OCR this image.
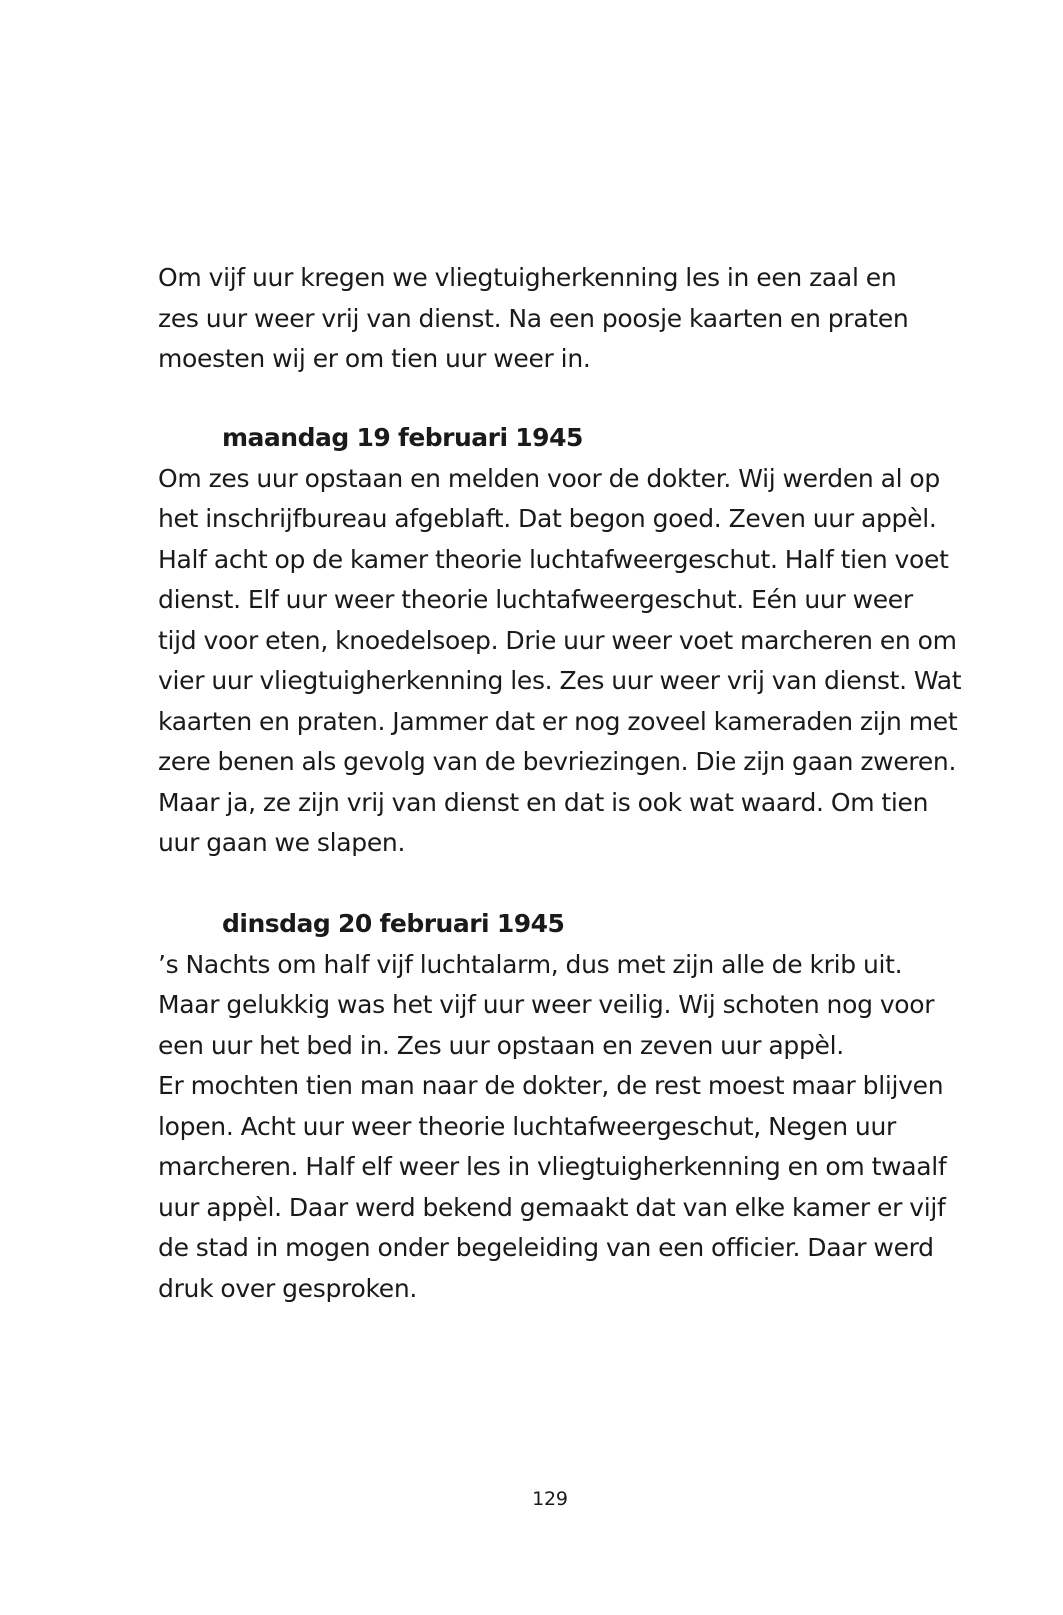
Om vijf uur kregen we vliegtuigherkenning les in een zaal en
zes uur weer vrij van dienst. Na een poosje kaarten en praten
moesten wij er om tien uur weer in.
maandag 19 februari 1945
Om zes uur opstaan en melden voor de dokter. Wij werden al op
het inschrijfbureau afgeblaft. Dat begon goed. Zeven uur appèl.
Half acht op de kamer theorie luchtafweergeschut. Half tien voet
dienst. Elf uur weer theorie luchtafweergeschut. Eén uur weer
tijd voor eten, knoedelsoep. Drie uur weer voet marcheren en om
vier uur vliegtuigherkenning les. Zes uur weer vrij van dienst. Wat
kaarten en praten. Jammer dat er nog zoveel kameraden zijn met
zere benen als gevolg van de bevriezingen. Die zijn gaan zweren.
Maar ja, ze zijn vrij van dienst en dat is ook wat waard. Om tien
uur gaan we slapen.
dinsdag 20 februari 1945
’s Nachts om half vijf luchtalarm, dus met zijn alle de krib uit.
Maar gelukkig was het vijf uur weer veilig. Wij schoten nog voor
een uur het bed in. Zes uur opstaan en zeven uur appèl.
Er mochten tien man naar de dokter, de rest moest maar blijven
lopen. Acht uur weer theorie luchtafweergeschut, Negen uur
marcheren. Half elf weer les in vliegtuigherkenning en om twaalf
uur appèl. Daar werd bekend gemaakt dat van elke kamer er vijf
de stad in mogen onder begeleiding van een officier. Daar werd
druk over gesproken.
129
